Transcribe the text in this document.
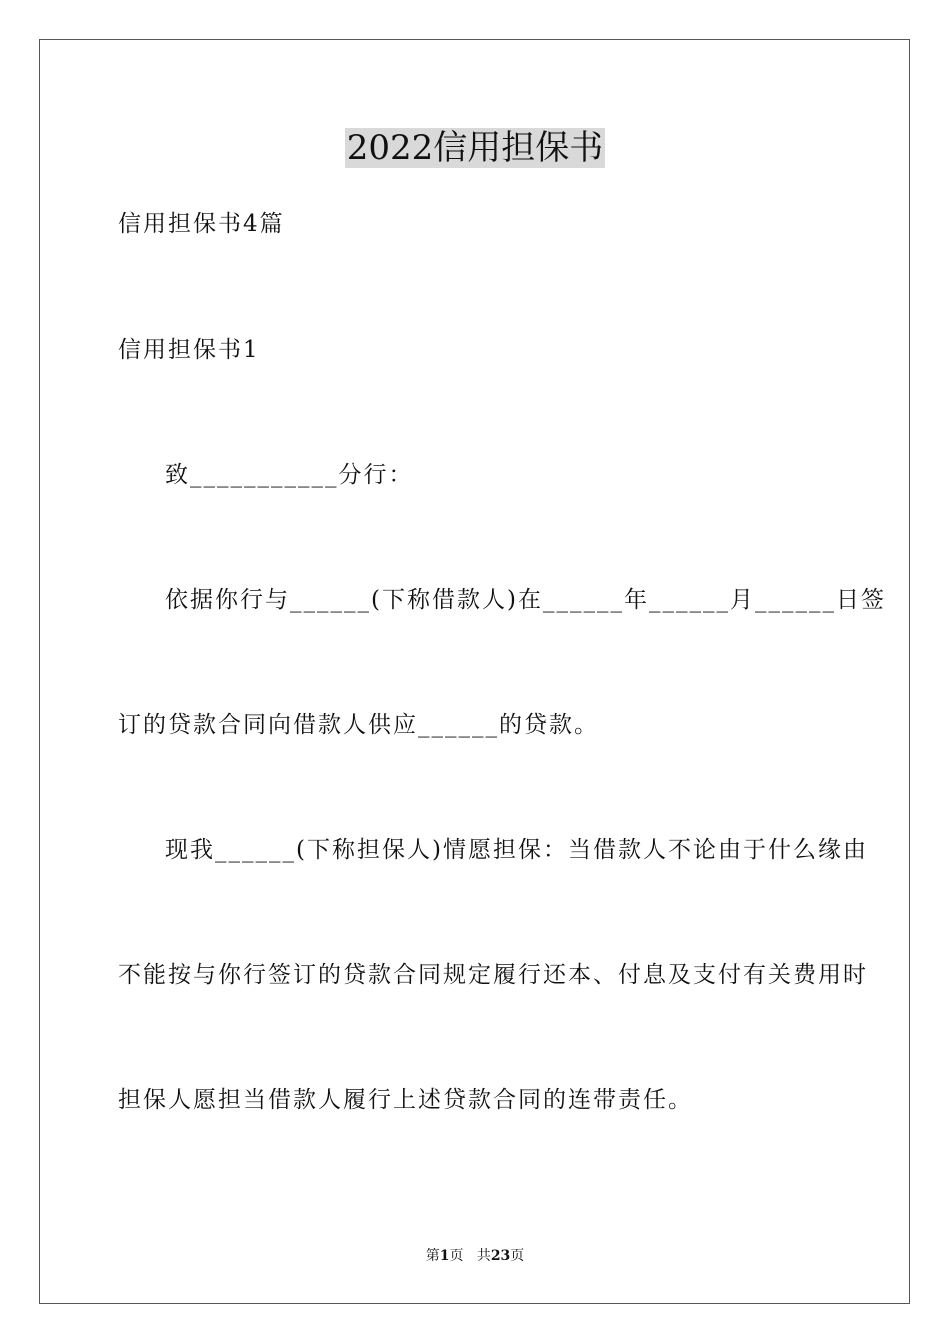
2022信用担保书
信用担保书4篇
信用担保书1
致___________分行：
依据你行与______(下称借款人)在______年______月______日签
订的贷款合同向借款人供应______的贷款。
现我______(下称担保人)情愿担保：当借款人不论由于什么缘由
不能按与你行签订的贷款合同规定履行还本、付息及支付有关费用时
担保人愿担当借款人履行上述贷款合同的连带责任。
第1页 共23页
